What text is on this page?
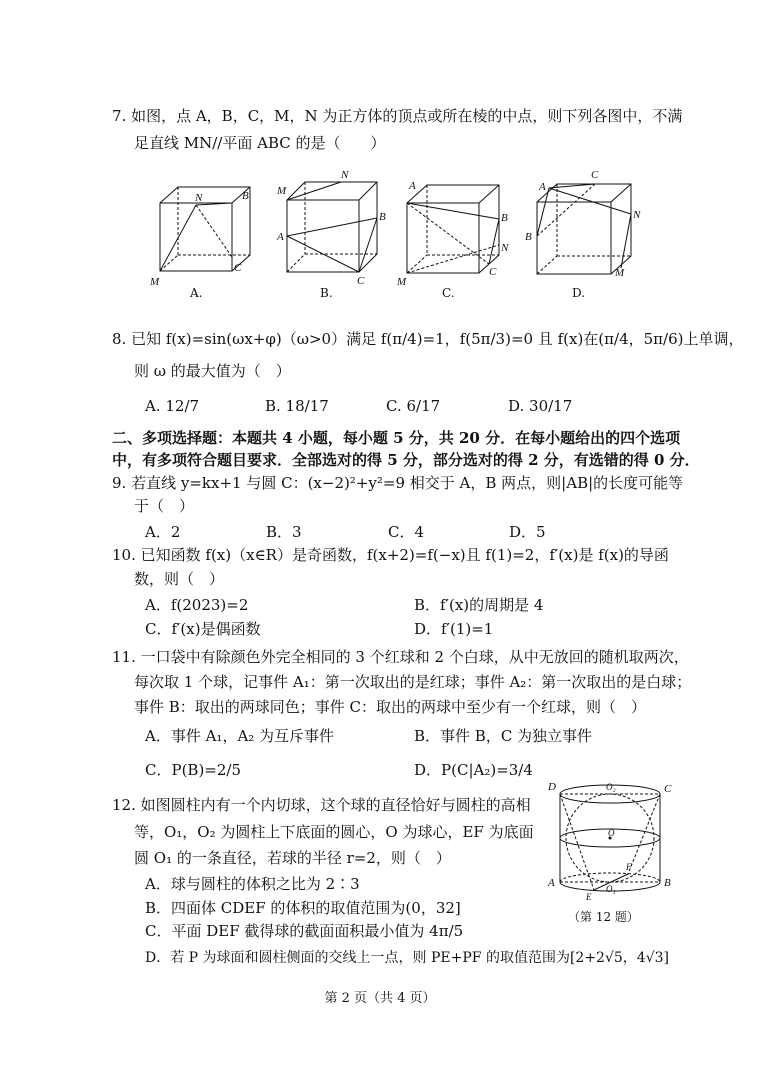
7. 如图，点 A，B，C，M，N 为正方体的顶点或所在棱的中点，则下列各图中，不满
足直线 MN//平面 ABC 的是（　　）
N	B
C
M
A.
M
N
B
A
C
B.
A
B
N
C
M
C.
A
C
N
B
M
D.
8. 已知 f(x)=sin(ωx+φ)（ω>0）满足 f(π/4)=1，f(5π/3)=0 且 f(x)在(π/4，5π/6)上单调，
则 ω 的最大值为（　）
A. 12/7	B. 18/17	C. 6/17	D. 30/17
二、多项选择题：本题共 4 小题，每小题 5 分，共 20 分．在每小题给出的四个选项
中，有多项符合题目要求．全部选对的得 5 分，部分选对的得 2 分，有选错的得 0 分．
9. 若直线 y=kx+1 与圆 C：(x−2)²+y²=9 相交于 A，B 两点，则|AB|的长度可能等
于（　）
A．2	B．3	C．4	D．5
10. 已知函数 f(x)（x∈R）是奇函数，f(x+2)=f(−x)且 f(1)=2，f′(x)是 f(x)的导函
数，则（　）
A．f(2023)=2	B．f′(x)的周期是 4
C．f′(x)是偶函数	D．f′(1)=1
11. 一口袋中有除颜色外完全相同的 3 个红球和 2 个白球，从中无放回的随机取两次，
每次取 1 个球，记事件 A₁：第一次取出的是红球；事件 A₂：第一次取出的是白球；
事件 B：取出的两球同色；事件 C：取出的两球中至少有一个红球，则（　）
A．事件 A₁，A₂ 为互斥事件	B．事件 B，C 为独立事件
C．P(B)=2/5	D．P(C|A₂)=3/4
12. 如图圆柱内有一个内切球，这个球的直径恰好与圆柱的高相
等，O₁，O₂ 为圆柱上下底面的圆心，O 为球心，EF 为底面
圆 O₁ 的一条直径，若球的半径 r=2，则（　）
A．球与圆柱的体积之比为 2∶3
B．四面体 CDEF 的体积的取值范围为(0，32]
C．平面 DEF 截得球的截面面积最小值为 4π/5
D．若 P 为球面和圆柱侧面的交线上一点，则 PE+PF 的取值范围为[2+2√5，4√3]
O₂
D	C
O
A	B
F
E
O₁
（第 12 题）
第 2 页（共 4 页）
